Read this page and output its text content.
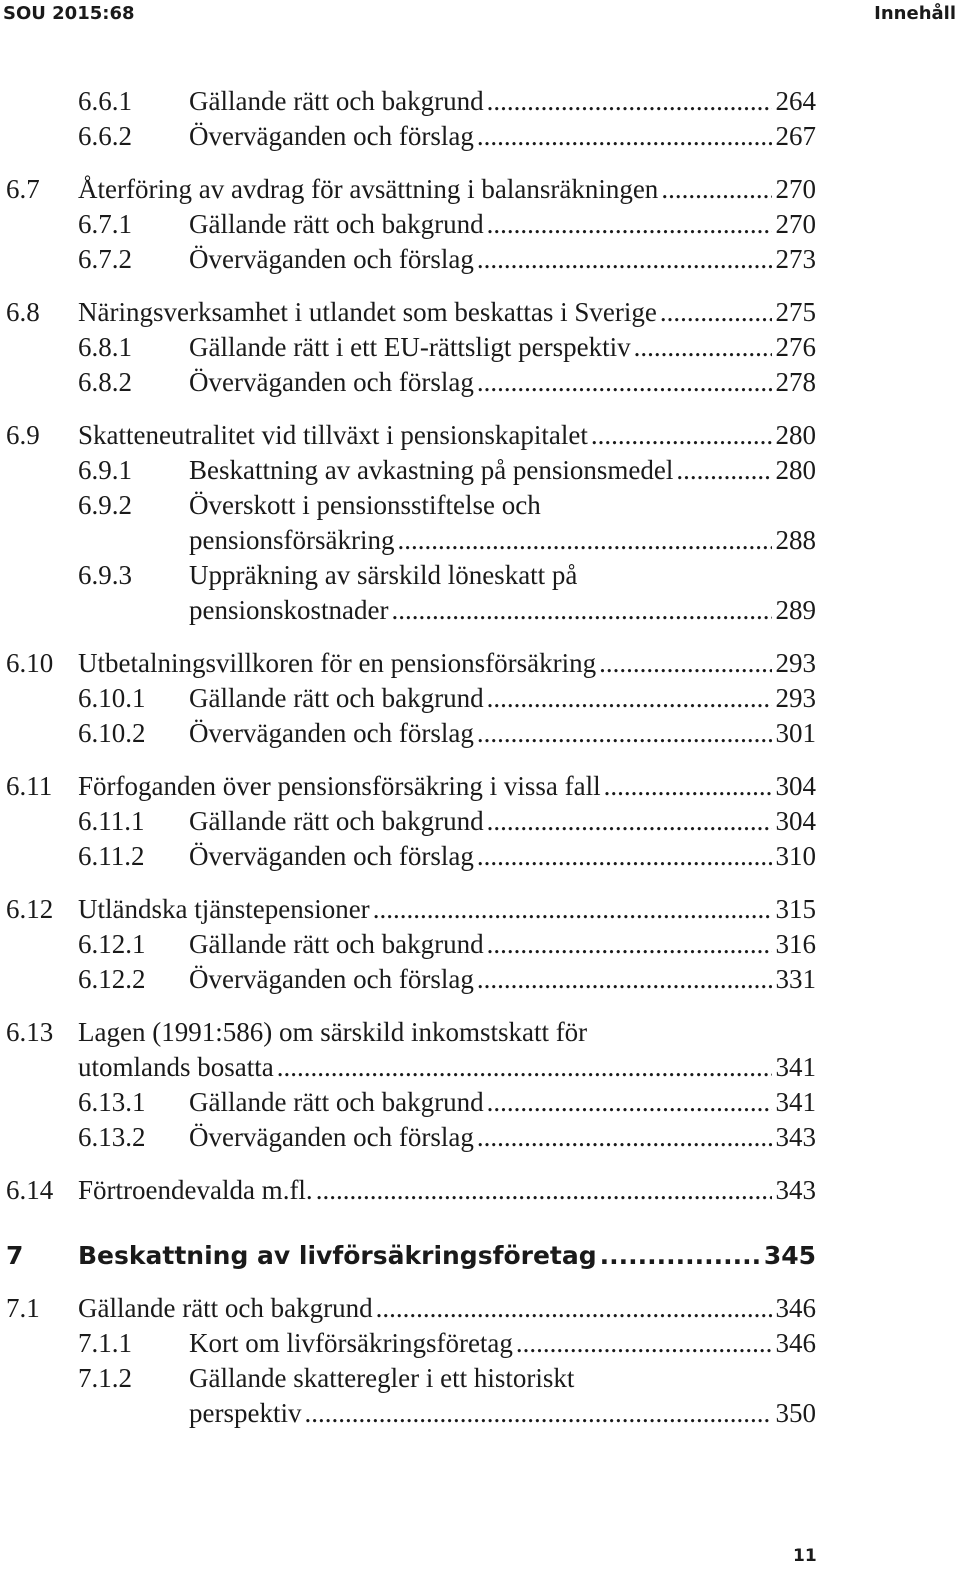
SOU 2015:68	Innehåll
6.6.1 Gällande rätt och bakgrund .....	264
6.6.2 Överväganden och förslag .....	267
6.7 Återföring av avdrag för avsättning i balansräkningen .....	270
6.7.1 Gällande rätt och bakgrund .....	270
6.7.2 Överväganden och förslag .....	273
6.8 Näringsverksamhet i utlandet som beskattas i Sverige .....	275
6.8.1 Gällande rätt i ett EU-rättsligt perspektiv .....	276
6.8.2 Överväganden och förslag .....	278
6.9 Skatteneutralitet vid tillväxt i pensionskapitalet .....	280
6.9.1 Beskattning av avkastning på pensionsmedel .....	280
6.9.2 Överskott i pensionsstiftelse och
pensionsförsäkring .....	288
6.9.3 Uppräkning av särskild löneskatt på
pensionskostnader .....	289
6.10 Utbetalningsvillkoren för en pensionsförsäkring .....	293
6.10.1 Gällande rätt och bakgrund .....	293
6.10.2 Överväganden och förslag .....	301
6.11 Förfoganden över pensionsförsäkring i vissa fall .....	304
6.11.1 Gällande rätt och bakgrund .....	304
6.11.2 Överväganden och förslag .....	310
6.12 Utländska tjänstepensioner .....	315
6.12.1 Gällande rätt och bakgrund .....	316
6.12.2 Överväganden och förslag .....	331
6.13 Lagen (1991:586) om särskild inkomstskatt för
utomlands bosatta .....	341
6.13.1 Gällande rätt och bakgrund .....	341
6.13.2 Överväganden och förslag .....	343
6.14 Förtroendevalda m.fl. .....	343
7 Beskattning av livförsäkringsföretag .....	345
7.1 Gällande rätt och bakgrund .....	346
7.1.1 Kort om livförsäkringsföretag .....	346
7.1.2 Gällande skatteregler i ett historiskt
perspektiv .....	350
11
